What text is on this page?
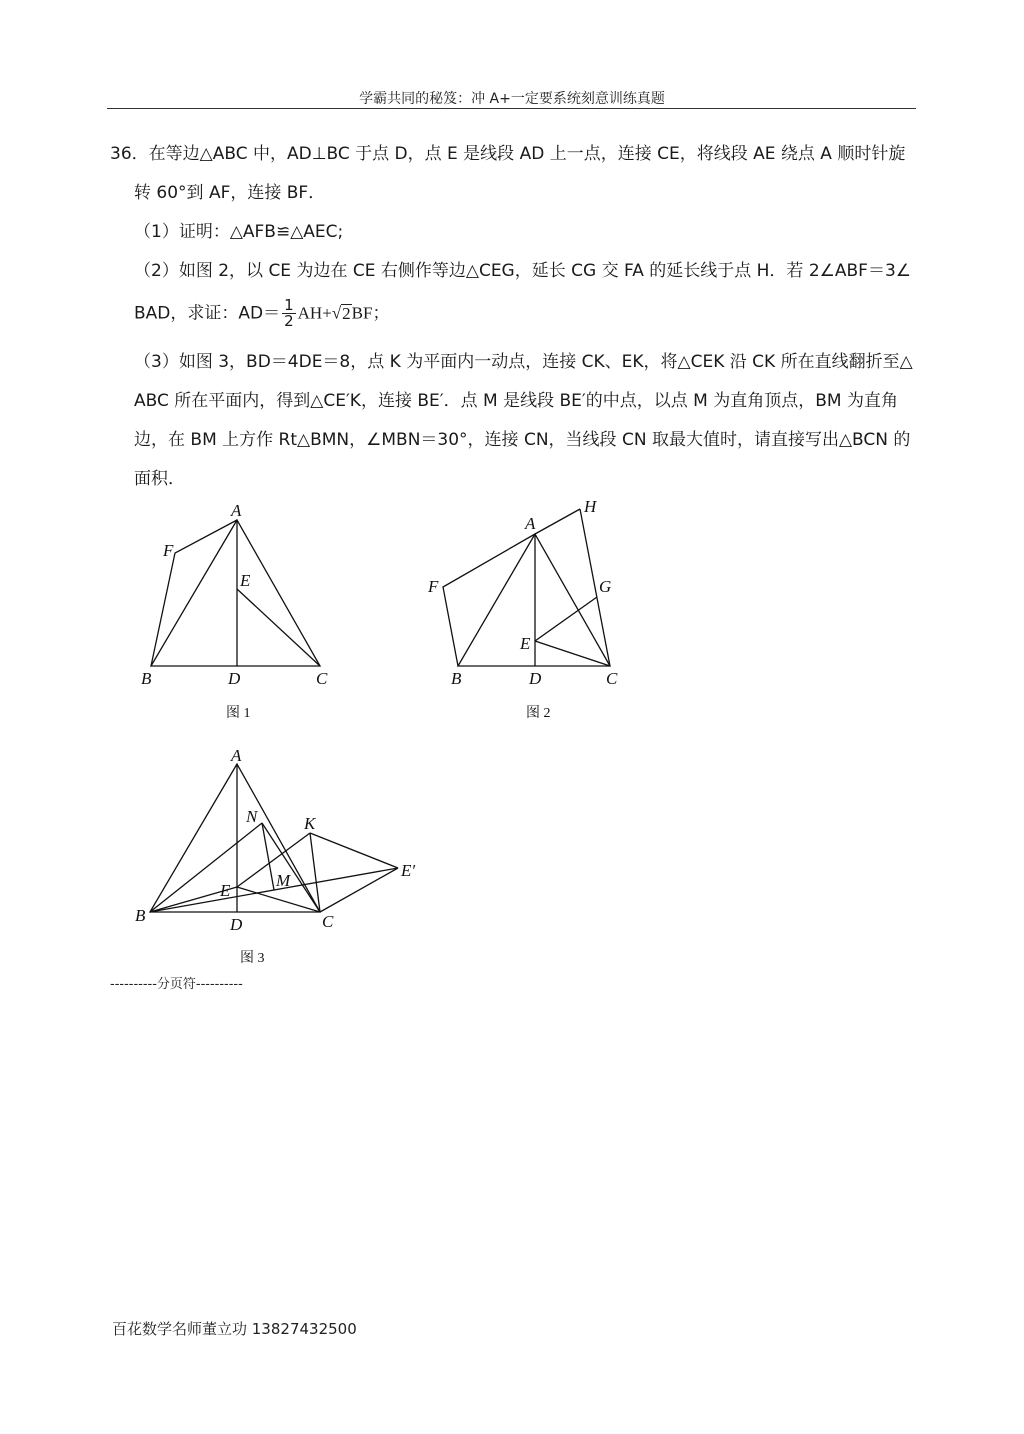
学霸共同的秘笈：冲 A+一定要系统刻意训练真题
36．在等边△ABC 中，AD⊥BC 于点 D，点 E 是线段 AD 上一点，连接 CE，将线段 AE 绕点 A 顺时针旋
转 60°到 AF，连接 BF．
（1）证明：△AFB≌△AEC;
（2）如图 2，以 CE 为边在 CE 右侧作等边△CEG，延长 CG 交 FA 的延长线于点 H．若 2∠ABF＝3∠
BAD，求证：$AD= \frac{1}{2} AH+√2BF$；
（3）如图 3，BD＝4DE＝8，点 K 为平面内一动点，连接 CK、EK，将△CEK 沿 CK 所在直线翻折至△
ABC 所在平面内，得到△CE′K，连接 BE′．点 M 是线段 BE′的中点，以点 M 为直角顶点，BM 为直角
边，在 BM 上方作 Rt△BMN，∠MBN＝30°，连接 CN，当线段 CN 取最大值时，请直接写出△BCN 的
面积．
A
F
E
B	D	C
图 1
H
A
F	G
E
B	D	C
图 2
A
N	K
E′
M
E
B	D	C
图 3
----------分页符----------
百花数学名师董立功 13827432500
